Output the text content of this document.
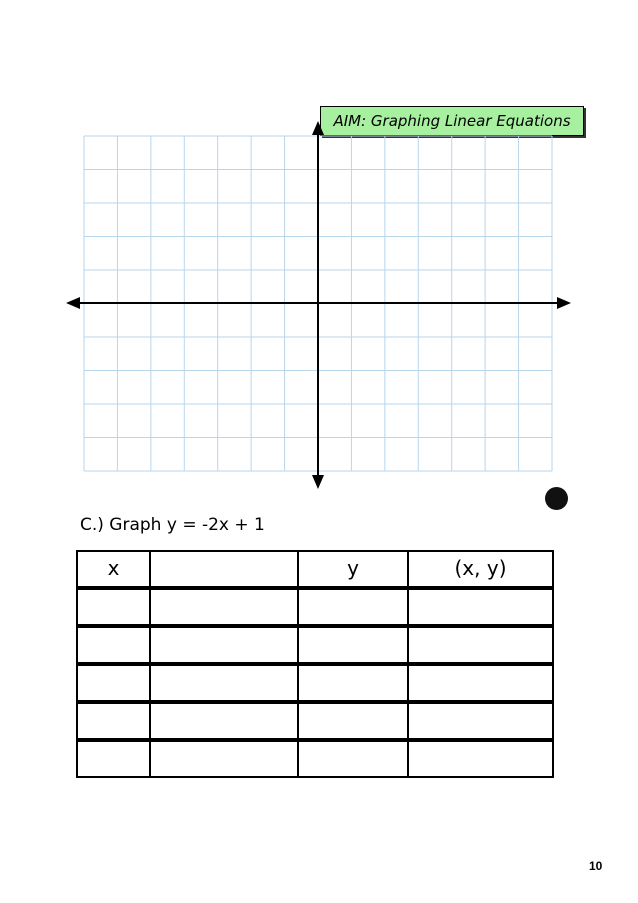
AIM: Graphing Linear Equations
C.) Graph y = -2x + 1
x	y	(x, y)
10
